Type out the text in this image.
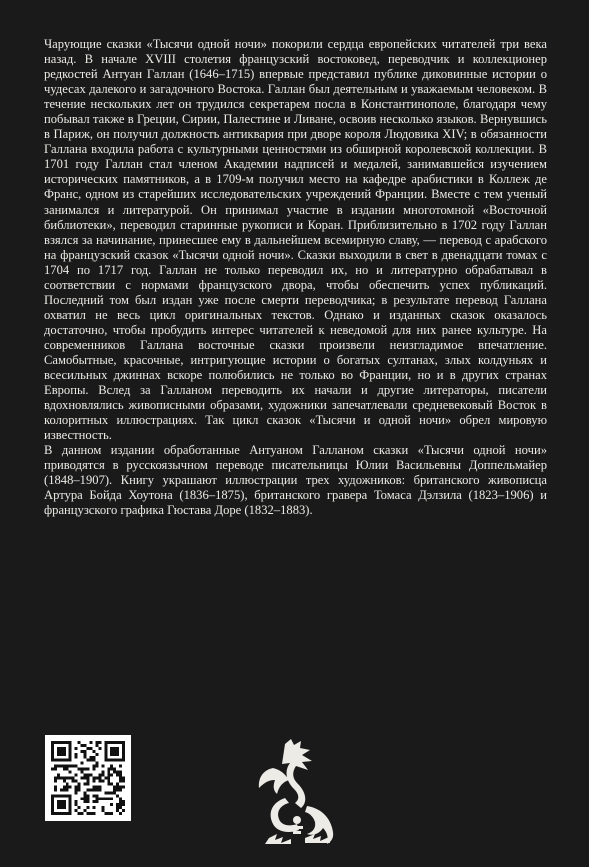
Чарующие сказки «Тысячи одной ночи» покорили сердца европейских читателей три века назад. В начале XVIII столетия французский востоковед, переводчик и коллекционер редкостей Антуан Галлан (1646–1715) впервые представил публике диковинные истории о чудесах далекого и загадочного Востока. Галлан был деятельным и уважаемым человеком. В течение нескольких лет он трудился секретарем посла в Константинополе, благодаря чему побывал также в Греции, Сирии, Палестине и Ливане, освоив несколько языков. Вернувшись в Париж, он получил должность антиквария при дворе короля Людовика XIV; в обязанности Галлана входила работа с культурными ценностями из обширной королевской коллекции. В 1701 году Галлан стал членом Академии надписей и медалей, занимавшейся изучением исторических памятников, а в 1709-м получил место на кафедре арабистики в Коллеж де Франс, одном из старейших исследовательских учреждений Франции. Вместе с тем ученый занимался и литературой. Он принимал участие в издании многотомной «Восточной библиотеки», переводил старинные рукописи и Коран. Приблизительно в 1702 году Галлан взялся за начинание, принесшее ему в дальнейшем всемирную славу, — перевод с арабского на французский сказок «Тысячи одной ночи». Сказки выходили в свет в двенадцати томах с 1704 по 1717 год. Галлан не только переводил их, но и литературно обрабатывал в соответствии с нормами французского двора, чтобы обеспечить успех публикаций. Последний том был издан уже после смерти переводчика; в результате перевод Галлана охватил не весь цикл оригинальных текстов. Однако и изданных сказок оказалось достаточно, чтобы пробудить интерес читателей к неведомой для них ранее культуре. На современников Галлана восточные сказки произвели неизгладимое впечатление. Самобытные, красочные, интригующие истории о богатых султанах, злых колдуньях и всесильных джиннах вскоре полюбились не только во Франции, но и в других странах Европы. Вслед за Галланом переводить их начали и другие литераторы, писатели вдохновлялись живописными образами, художники запечатлевали средневековый Восток в колоритных иллюстрациях. Так цикл сказок «Тысячи и одной ночи» обрел мировую известность.

В данном издании обработанные Антуаном Галланом сказки «Тысячи одной ночи» приводятся в русскоязычном переводе писательницы Юлии Васильевны Доппельмайер (1848–1907). Книгу украшают иллюстрации трех художников: британского живописца Артура Бойда Хоутона (1836–1875), британского гравера Томаса Дэлзила (1823–1906) и французского графика Гюстава Доре (1832–1883).
